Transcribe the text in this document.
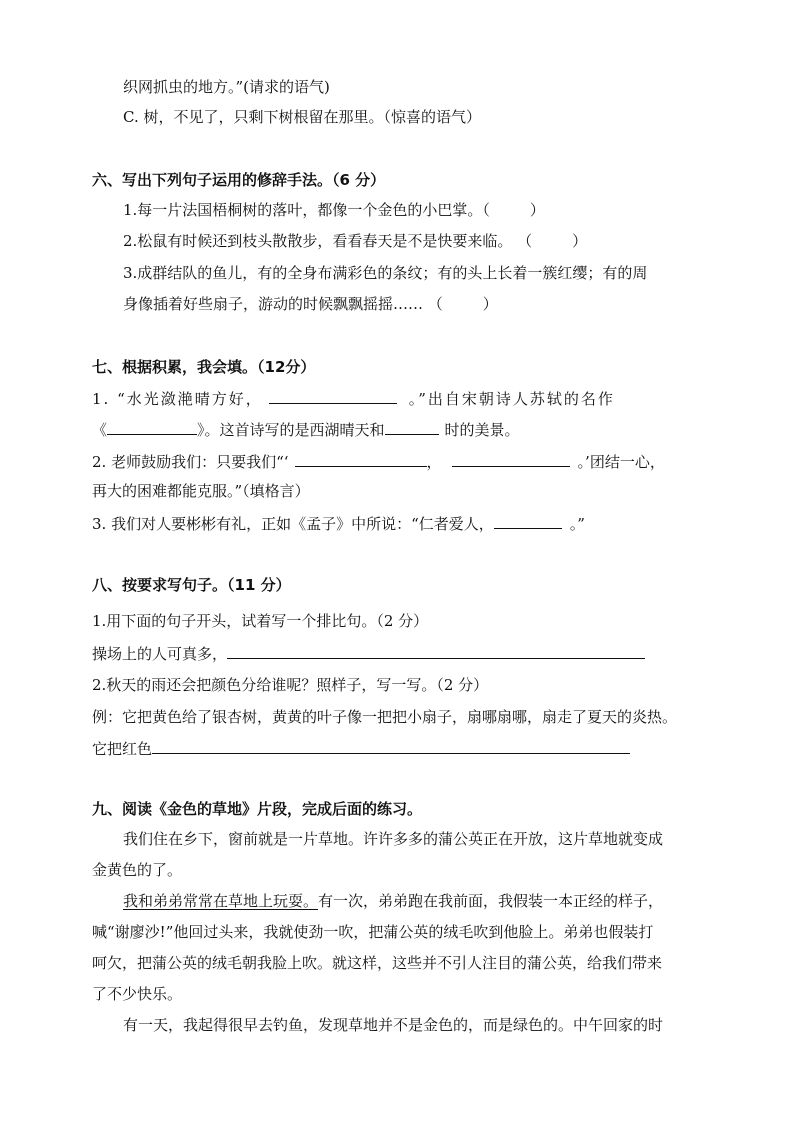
织网抓虫的地方。”(请求的语气)
C. 树，不见了，只剩下树根留在那里。（惊喜的语气）
六、写出下列句子运用的修辞手法。（6 分）
1.每一片法国梧桐树的落叶，都像一个金色的小巴掌。（	）
2.松鼠有时候还到枝头散散步，看看春天是不是快要来临。 （	）
3.成群结队的鱼儿，有的全身布满彩色的条纹；有的头上长着一簇红缨；有的周
身像插着好些扇子，游动的时候飘飘摇摇…… （	）
七、根据积累，我会填。（12分）
1. “水光潋滟晴方好，	。”出自宋朝诗人苏轼的名作
《	》。这首诗写的是西湖晴天和	时的美景。
2. 老师鼓励我们：只要我们“‘	，	。’团结一心，
再大的困难都能克服。”（填格言）
3. 我们对人要彬彬有礼，正如《孟子》中所说：“仁者爱人，	。”
八、按要求写句子。（11 分）
1.用下面的句子开头，试着写一个排比句。（2 分）
操场上的人可真多，
2.秋天的雨还会把颜色分给谁呢？照样子，写一写。（2 分）
例：它把黄色给了银杏树，黄黄的叶子像一把把小扇子，扇哪扇哪，扇走了夏天的炎热。
它把红色
九、阅读《金色的草地》片段，完成后面的练习。
我们住在乡下，窗前就是一片草地。许许多多的蒲公英正在开放，这片草地就变成
金黄色的了。
我和弟弟常常在草地上玩耍。有一次，弟弟跑在我前面，我假装一本正经的样子，
喊“谢廖沙!”他回过头来，我就使劲一吹，把蒲公英的绒毛吹到他脸上。弟弟也假装打
呵欠，把蒲公英的绒毛朝我脸上吹。就这样，这些并不引人注目的蒲公英，给我们带来
了不少快乐。
有一天，我起得很早去钓鱼，发现草地并不是金色的，而是绿色的。中午回家的时
